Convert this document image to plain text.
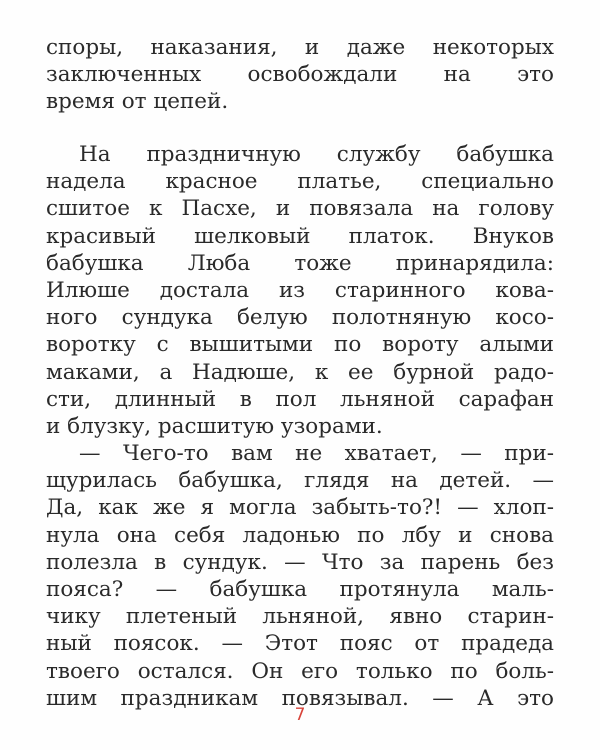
споры, наказания, и даже некоторых
заключенных освобождали на это
время от цепей.
На праздничную службу бабушка
надела красное платье, специально
сшитое к Пасхе, и повязала на голову
красивый шелковый платок. Внуков
бабушка Люба тоже принарядила:
Илюше достала из старинного кова-
ного сундука белую полотняную косо-
воротку с вышитыми по вороту алыми
маками, а Надюше, к ее бурной радо-
сти, длинный в пол льняной сарафан
и блузку, расшитую узорами.
— Чего-то вам не хватает, — при-
щурилась бабушка, глядя на детей. —
Да, как же я могла забыть-то?! — хлоп-
нула она себя ладонью по лбу и снова
полезла в сундук. — Что за парень без
пояса? — бабушка протянула маль-
чику плетеный льняной, явно старин-
ный поясок. — Этот пояс от прадеда
твоего остался. Он его только по боль-
шим праздникам повязывал. — А это
7
